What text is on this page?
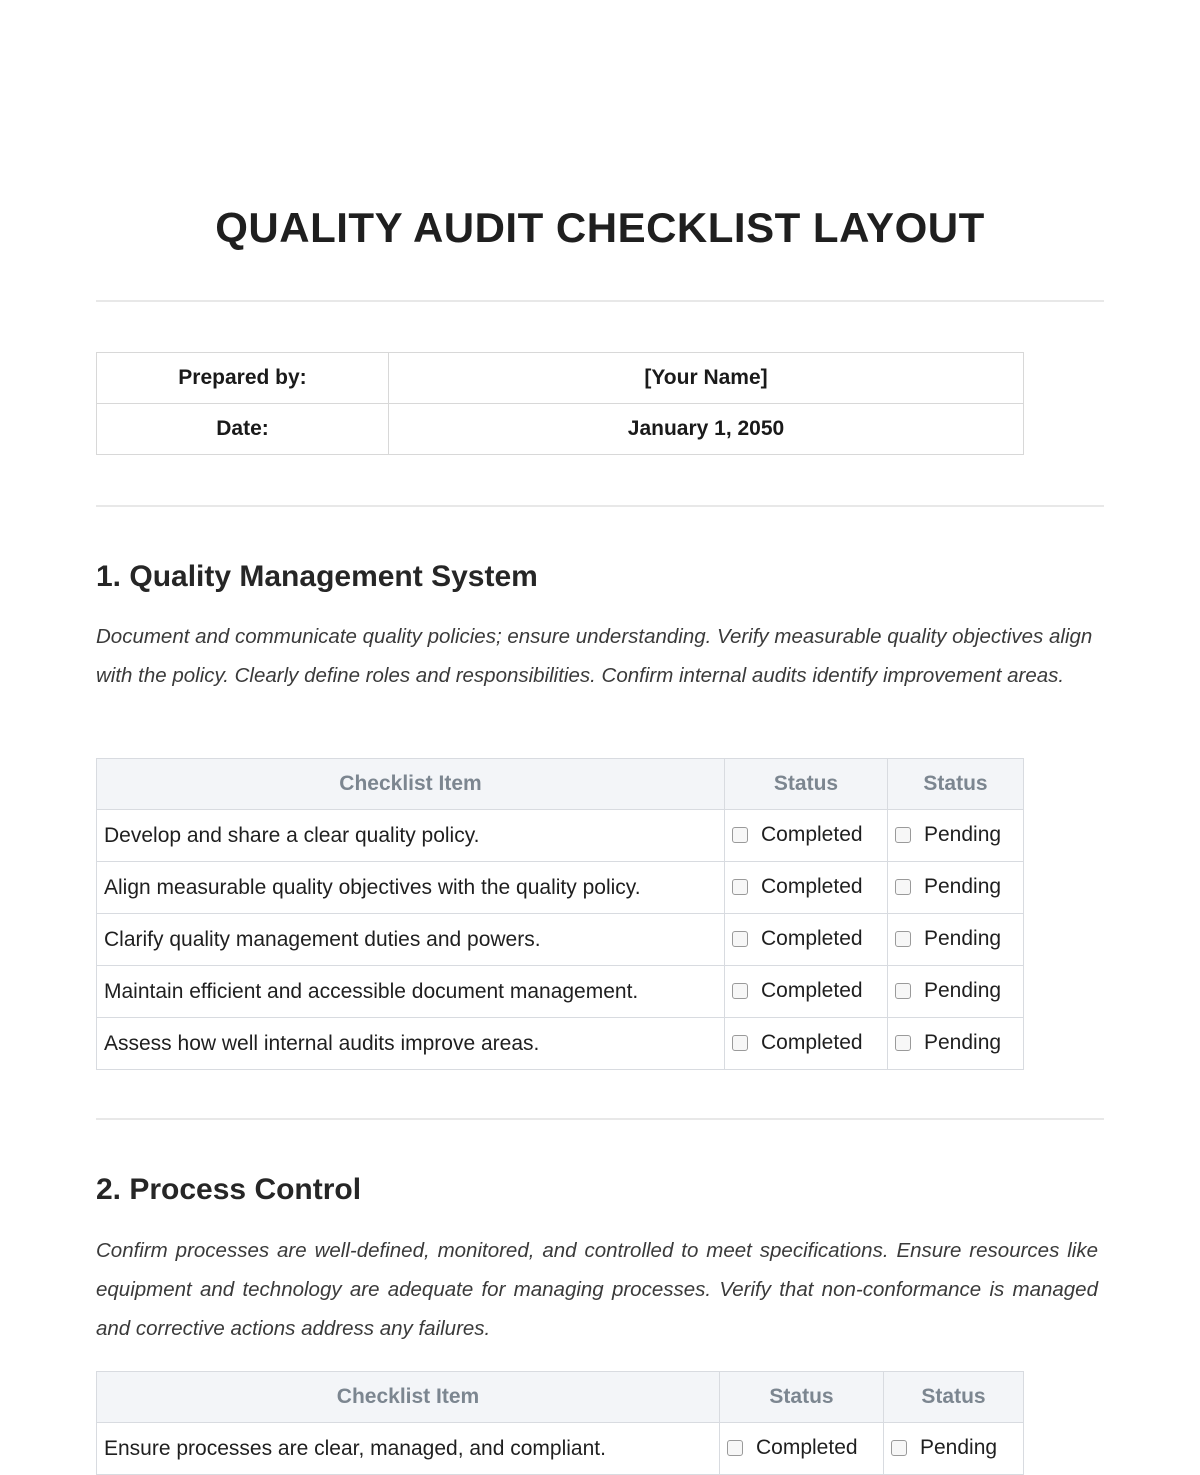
QUALITY AUDIT CHECKLIST LAYOUT
Prepared by:	[Your Name]
Date:	January 1, 2050
1. Quality Management System

Document and communicate quality policies; ensure understanding. Verify measurable quality objectives align with the policy. Clearly define roles and responsibilities. Confirm internal audits identify improvement areas.

Checklist Item	Status	Status
Develop and share a clear quality policy.	Completed	Pending

Align measurable quality objectives with the quality policy.	Completed	Pending

Clarify quality management duties and powers.	Completed	Pending

Maintain efficient and accessible document management.	Completed	Pending

Assess how well internal audits improve areas.	Completed	Pending
2. Process Control

Confirm processes are well-defined, monitored, and controlled to meet specifications. Ensure resources like equipment and technology are adequate for managing processes. Verify that non-conformance is managed and corrective actions address any failures.

Checklist Item	Status	Status
Ensure processes are clear, managed, and compliant.	Completed	Pending
